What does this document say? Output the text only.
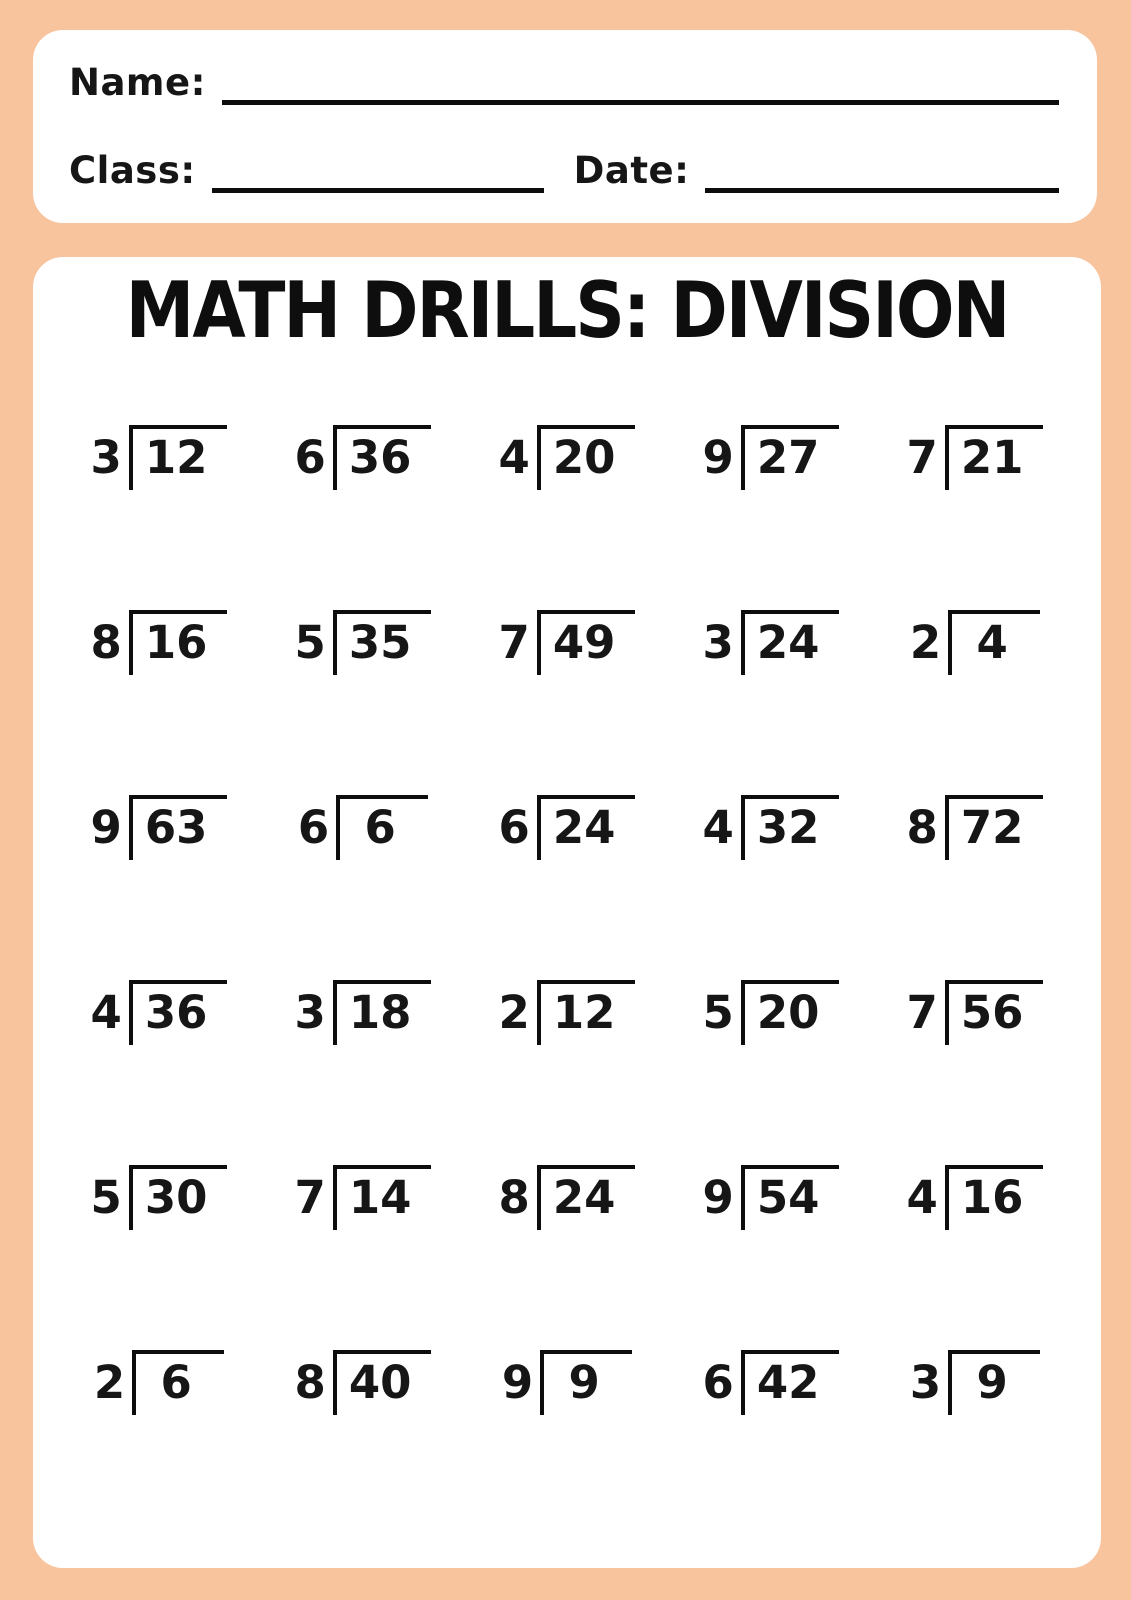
Name:
Class:	Date:
MATH DRILLS: DIVISION
3 12	6 36	4 20	9 27	7 21
8 16	5 35	7 49	3 24	2 4
9 63	6 6	6 24	4 32	8 72
4 36	3 18	2 12	5 20	7 56
5 30	7 14	8 24	9 54	4 16
2 6	8 40	9 9	6 42	3 9
